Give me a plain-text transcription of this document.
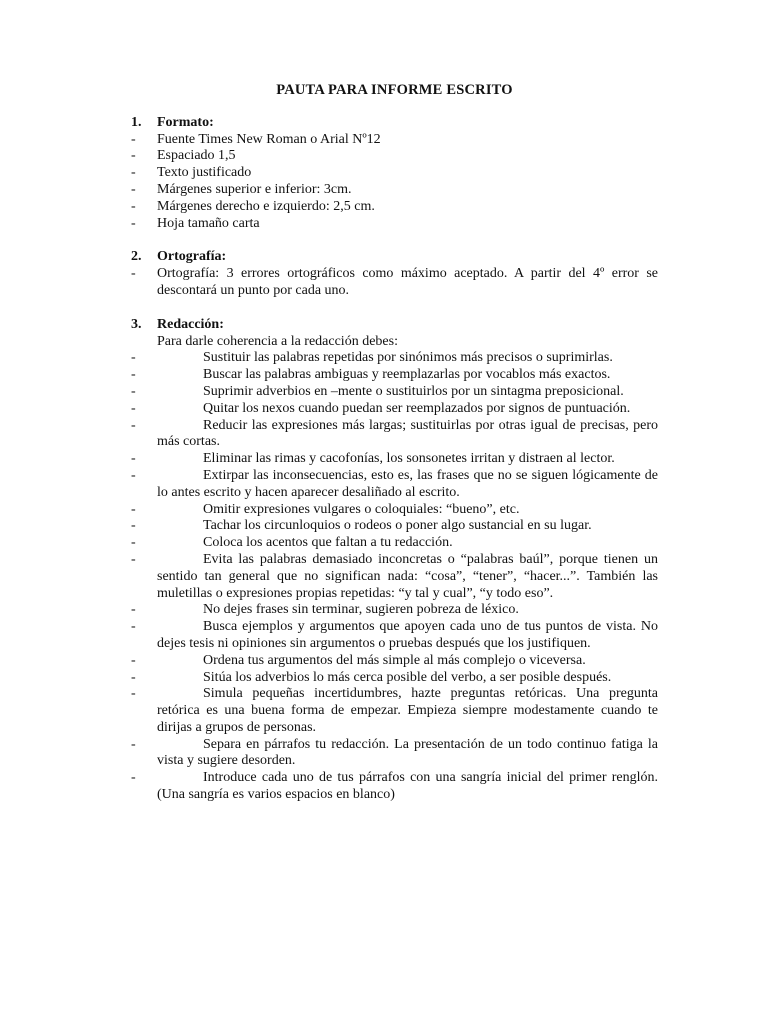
PAUTA PARA INFORME ESCRITO
1.	Formato:
-	Fuente Times New Roman o Arial Nº12
-	Espaciado 1,5
-	Texto justificado
-	Márgenes superior e inferior: 3cm.
-	Márgenes derecho e izquierdo: 2,5 cm.
-	Hoja tamaño carta
2.	Ortografía:
-	Ortografía: 3 errores ortográficos como máximo aceptado. A partir del 4º error se descontará un punto por cada uno.
3.	Redacción:
Para darle coherencia a la redacción debes:
-	Sustituir las palabras repetidas por sinónimos más precisos o suprimirlas.
-	Buscar las palabras ambiguas y reemplazarlas por vocablos más exactos.
-	Suprimir adverbios en –mente o sustituirlos por un sintagma preposicional.
-	Quitar los nexos cuando puedan ser reemplazados por signos de puntuación.
-	Reducir las expresiones más largas; sustituirlas por otras igual de precisas, pero más cortas.
-	Eliminar las rimas y cacofonías, los sonsonetes irritan y distraen al lector.
-	Extirpar las inconsecuencias, esto es, las frases que no se siguen lógicamente de lo antes escrito y hacen aparecer desaliñado al escrito.
-	Omitir expresiones vulgares o coloquiales: “bueno”, etc.
-	Tachar los circunloquios o rodeos o poner algo sustancial en su lugar.
-	Coloca los acentos que faltan a tu redacción.
-	Evita las palabras demasiado inconcretas o “palabras baúl”, porque tienen un sentido tan general que no significan nada: “cosa”, “tener”, “hacer...”. También las muletillas o expresiones propias repetidas: “y tal y cual”, “y todo eso”.
-	No dejes frases sin terminar, sugieren pobreza de léxico.
-	Busca ejemplos y argumentos que apoyen cada uno de tus puntos de vista. No dejes tesis ni opiniones sin argumentos o pruebas después que los justifiquen.
-	Ordena tus argumentos del más simple al más complejo o viceversa.
-	Sitúa los adverbios lo más cerca posible del verbo, a ser posible después.
-	Simula pequeñas incertidumbres, hazte preguntas retóricas. Una pregunta retórica es una buena forma de empezar. Empieza siempre modestamente cuando te dirijas a grupos de personas.
-	Separa en párrafos tu redacción. La presentación de un todo continuo fatiga la vista y sugiere desorden.
-	Introduce cada uno de tus párrafos con una sangría inicial del primer renglón. (Una sangría es varios espacios en blanco)
